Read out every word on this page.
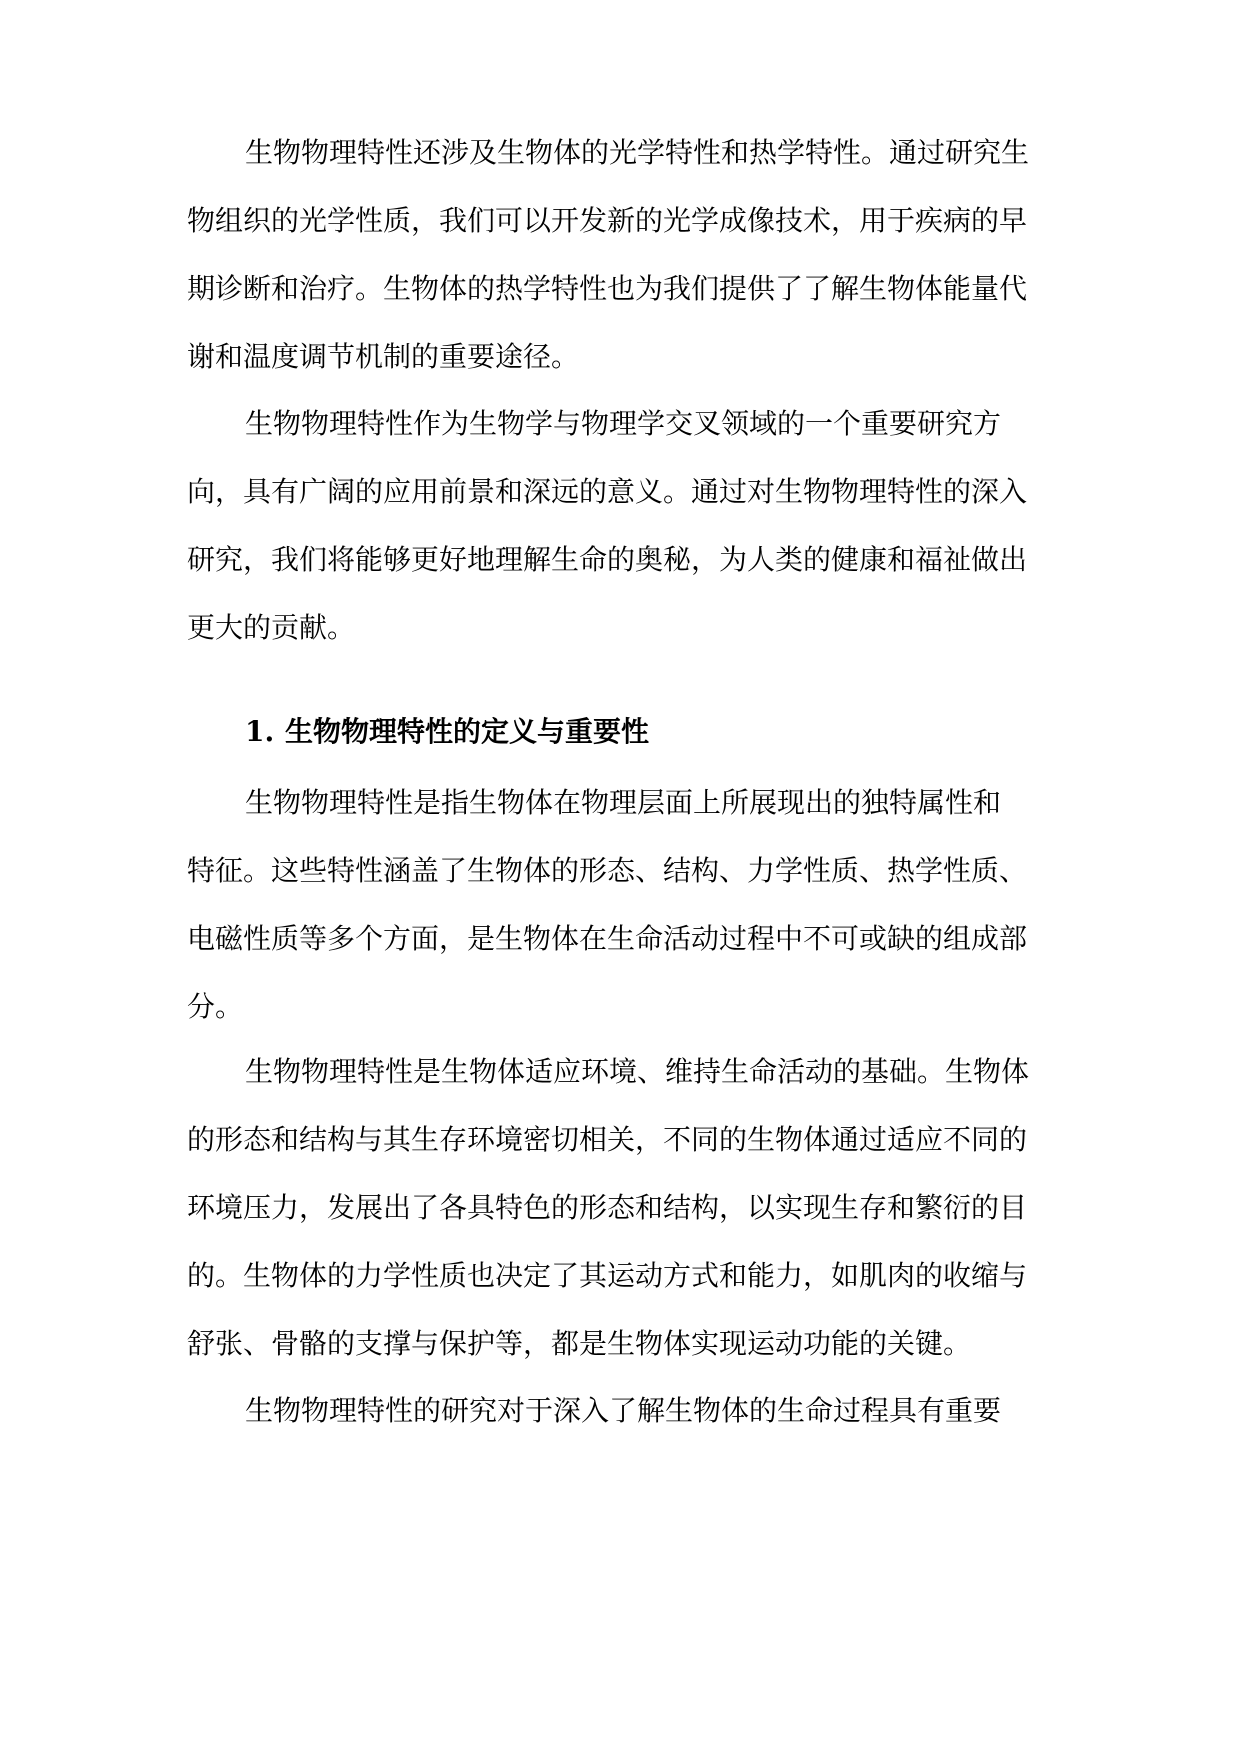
生物物理特性还涉及生物体的光学特性和热学特性。通过研究生
物组织的光学性质，我们可以开发新的光学成像技术，用于疾病的早
期诊断和治疗。生物体的热学特性也为我们提供了了解生物体能量代
谢和温度调节机制的重要途径。
生物物理特性作为生物学与物理学交叉领域的一个重要研究方
向，具有广阔的应用前景和深远的意义。通过对生物物理特性的深入
研究，我们将能够更好地理解生命的奥秘，为人类的健康和福祉做出
更大的贡献。
1. 生物物理特性的定义与重要性
生物物理特性是指生物体在物理层面上所展现出的独特属性和
特征。这些特性涵盖了生物体的形态、结构、力学性质、热学性质、
电磁性质等多个方面，是生物体在生命活动过程中不可或缺的组成部
分。
生物物理特性是生物体适应环境、维持生命活动的基础。生物体
的形态和结构与其生存环境密切相关，不同的生物体通过适应不同的
环境压力，发展出了各具特色的形态和结构，以实现生存和繁衍的目
的。生物体的力学性质也决定了其运动方式和能力，如肌肉的收缩与
舒张、骨骼的支撑与保护等，都是生物体实现运动功能的关键。
生物物理特性的研究对于深入了解生物体的生命过程具有重要
